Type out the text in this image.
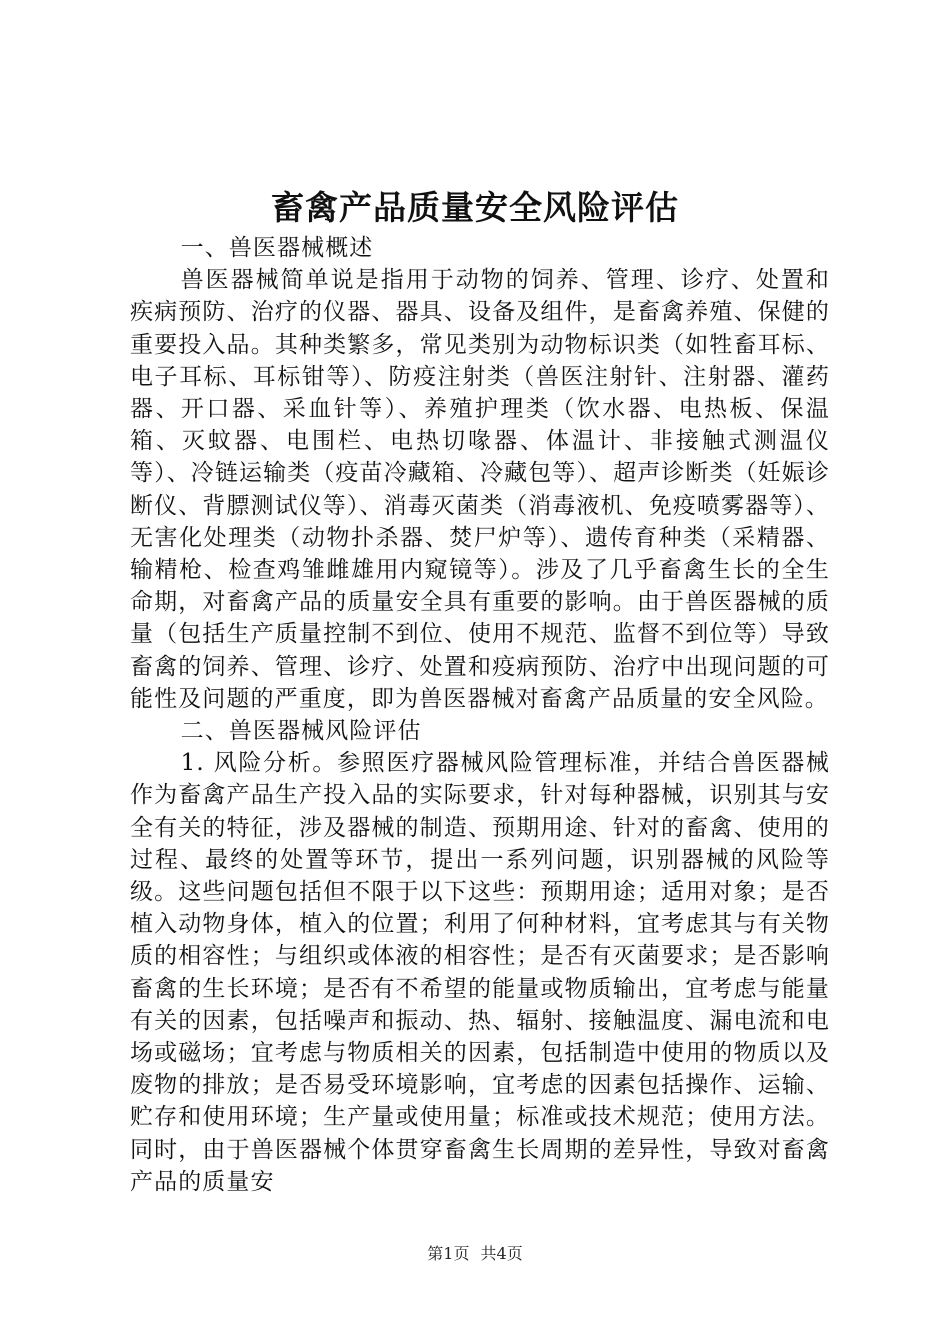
畜禽产品质量安全风险评估

一、兽医器械概述

兽医器械简单说是指用于动物的饲养、管理、诊疗、处置和疾病预防、治疗的仪器、器具、设备及组件，是畜禽养殖、保健的重要投入品。其种类繁多，常见类别为动物标识类（如牲畜耳标、电子耳标、耳标钳等）、防疫注射类（兽医注射针、注射器、灌药器、开口器、采血针等）、养殖护理类（饮水器、电热板、保温箱、灭蚊器、电围栏、电热切喙器、体温计、非接触式测温仪等）、冷链运输类（疫苗冷藏箱、冷藏包等）、超声诊断类（妊娠诊断仪、背膘测试仪等）、消毒灭菌类（消毒液机、免疫喷雾器等）、无害化处理类（动物扑杀器、焚尸炉等）、遗传育种类（采精器、输精枪、检查鸡雏雌雄用内窥镜等）。涉及了几乎畜禽生长的全生命期，对畜禽产品的质量安全具有重要的影响。由于兽医器械的质量（包括生产质量控制不到位、使用不规范、监督不到位等）导致畜禽的饲养、管理、诊疗、处置和疫病预防、治疗中出现问题的可能性及问题的严重度，即为兽医器械对畜禽产品质量的安全风险。

二、兽医器械风险评估

1. 风险分析。参照医疗器械风险管理标准，并结合兽医器械作为畜禽产品生产投入品的实际要求，针对每种器械，识别其与安全有关的特征，涉及器械的制造、预期用途、针对的畜禽、使用的过程、最终的处置等环节，提出一系列问题，识别器械的风险等级。这些问题包括但不限于以下这些：预期用途；适用对象；是否植入动物身体，植入的位置；利用了何种材料，宜考虑其与有关物质的相容性；与组织或体液的相容性；是否有灭菌要求；是否影响畜禽的生长环境；是否有不希望的能量或物质输出，宜考虑与能量有关的因素，包括噪声和振动、热、辐射、接触温度、漏电流和电场或磁场；宜考虑与物质相关的因素，包括制造中使用的物质以及废物的排放；是否易受环境影响，宜考虑的因素包括操作、运输、贮存和使用环境；生产量或使用量；标准或技术规范；使用方法。同时，由于兽医器械个体贯穿畜禽生长周期的差异性，导致对畜禽产品的质量安

第1页 共4页
